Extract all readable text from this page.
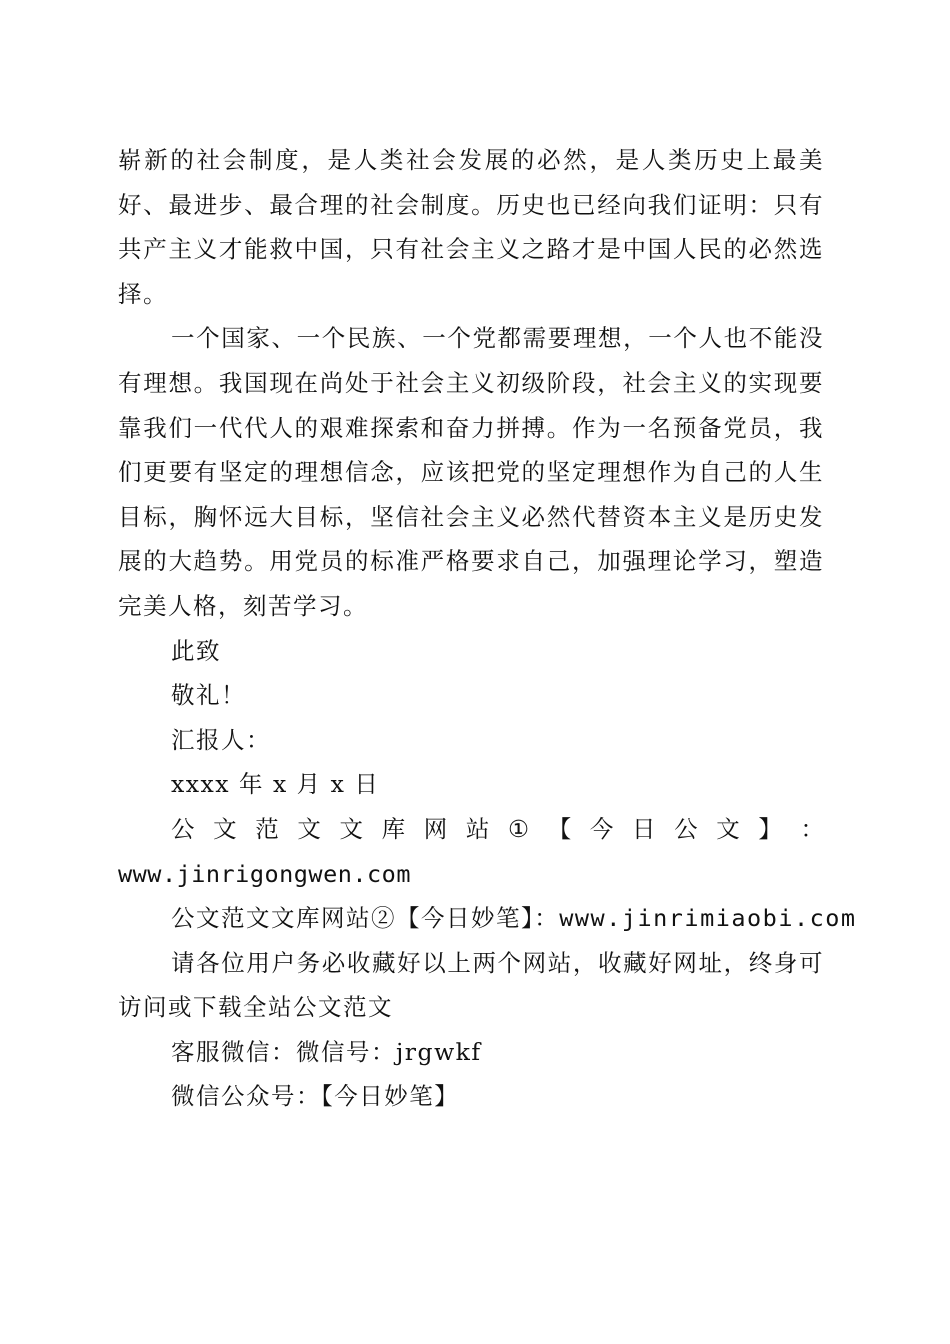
崭新的社会制度，是人类社会发展的必然，是人类历史上最美好、最进步、最合理的社会制度。历史也已经向我们证明：只有共产主义才能救中国，只有社会主义之路才是中国人民的必然选择。

一个国家、一个民族、一个党都需要理想，一个人也不能没有理想。我国现在尚处于社会主义初级阶段，社会主义的实现要靠我们一代代人的艰难探索和奋力拼搏。作为一名预备党员，我们更要有坚定的理想信念，应该把党的坚定理想作为自己的人生目标，胸怀远大目标，坚信社会主义必然代替资本主义是历史发展的大趋势。用党员的标准严格要求自己，加强理论学习，塑造完美人格，刻苦学习。

此致

敬礼！

汇报人：

xxxx 年 x 月 x 日

公 文 范 文 文 库 网 站 ① 【 今 日 公 文 】 ：

www.jinrigongwen.com

公文范文文库网站②【今日妙笔】：www.jinrimiaobi.com

请各位用户务必收藏好以上两个网站，收藏好网址，终身可访问或下载全站公文范文

客服微信：微信号：jrgwkf

微信公众号：【今日妙笔】
